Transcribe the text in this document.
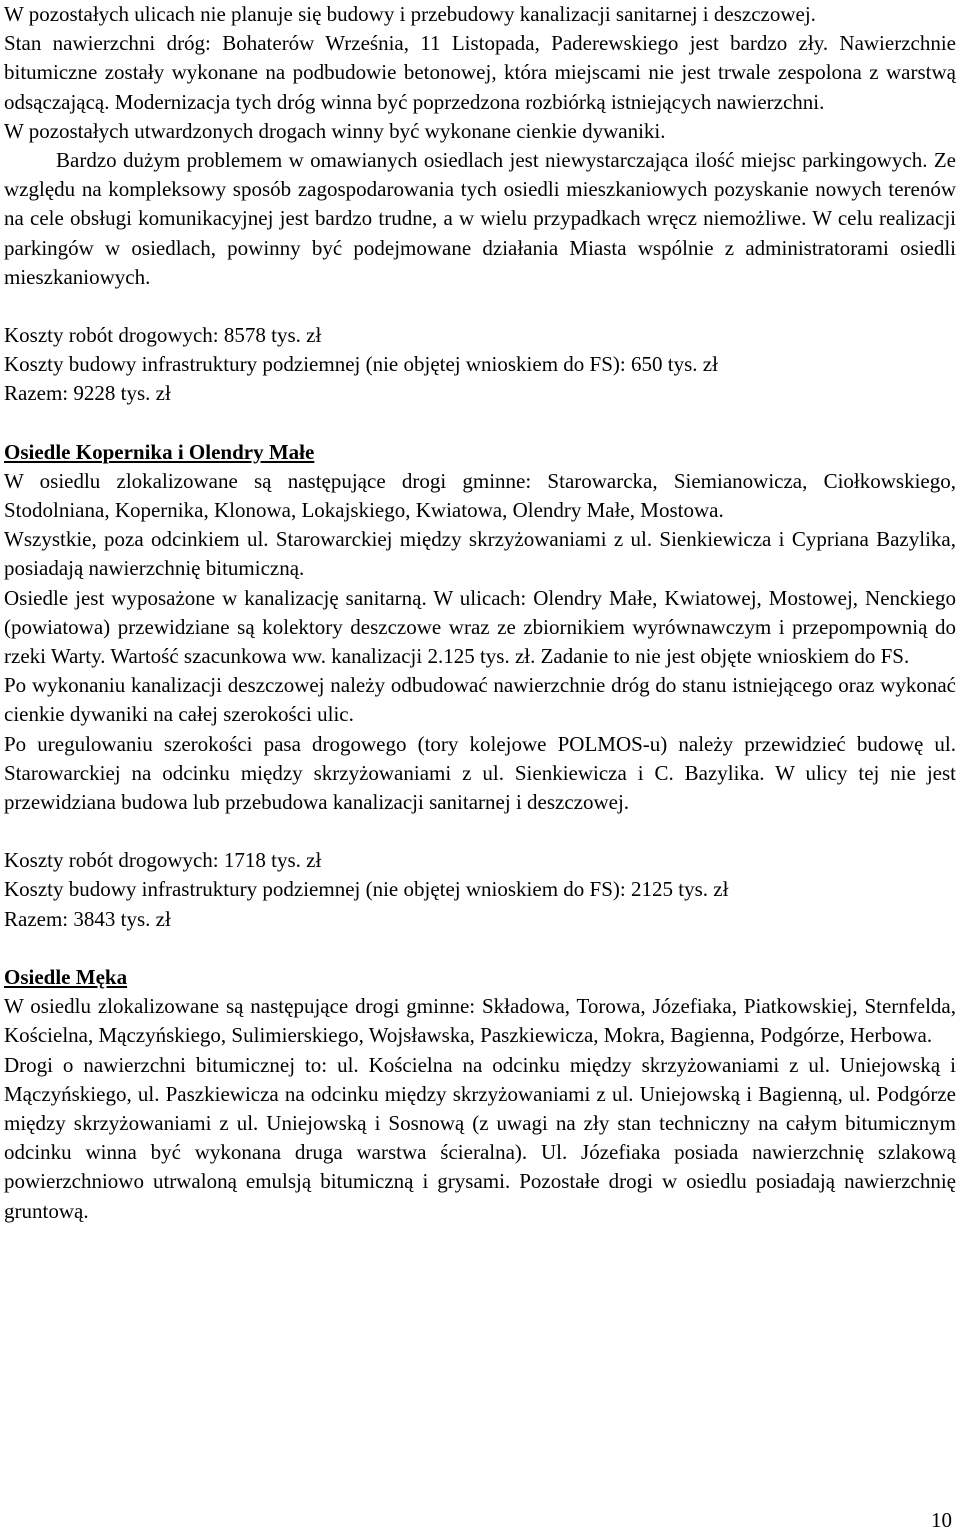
W pozostałych ulicach nie planuje się budowy i przebudowy kanalizacji sanitarnej i deszczowej.

Stan nawierzchni dróg: Bohaterów Września, 11 Listopada, Paderewskiego jest bardzo zły. Nawierzchnie bitumiczne zostały wykonane na podbudowie betonowej, która miejscami nie jest trwale zespolona z warstwą odsączającą. Modernizacja tych dróg winna być poprzedzona rozbiórką istniejących nawierzchni.

W pozostałych utwardzonych drogach winny być wykonane cienkie dywaniki.

Bardzo dużym problemem w omawianych osiedlach jest niewystarczająca ilość miejsc parkingowych. Ze względu na kompleksowy sposób zagospodarowania tych osiedli mieszkaniowych pozyskanie nowych terenów na cele obsługi komunikacyjnej jest bardzo trudne, a w wielu przypadkach wręcz niemożliwe. W celu realizacji parkingów w osiedlach, powinny być podejmowane działania Miasta wspólnie z administratorami osiedli mieszkaniowych.

Koszty robót drogowych: 8578 tys. zł

Koszty budowy infrastruktury podziemnej (nie objętej wnioskiem do FS): 650 tys. zł

Razem: 9228 tys. zł

Osiedle Kopernika i Olendry Małe

W osiedlu zlokalizowane są następujące drogi gminne: Starowarcka, Siemianowicza, Ciołkowskiego, Stodolniana, Kopernika, Klonowa, Lokajskiego, Kwiatowa, Olendry Małe, Mostowa.

Wszystkie, poza odcinkiem ul. Starowarckiej między skrzyżowaniami z ul. Sienkiewicza i Cypriana Bazylika, posiadają nawierzchnię bitumiczną.

Osiedle jest wyposażone w kanalizację sanitarną. W ulicach: Olendry Małe, Kwiatowej, Mostowej, Nenckiego (powiatowa) przewidziane są kolektory deszczowe wraz ze zbiornikiem wyrównawczym i przepompownią do rzeki Warty. Wartość szacunkowa ww. kanalizacji 2.125 tys. zł. Zadanie to nie jest objęte wnioskiem do FS.

Po wykonaniu kanalizacji deszczowej należy odbudować nawierzchnie dróg do stanu istniejącego oraz wykonać cienkie dywaniki na całej szerokości ulic.

Po uregulowaniu szerokości pasa drogowego (tory kolejowe POLMOS-u) należy przewidzieć budowę ul. Starowarckiej na odcinku między skrzyżowaniami z ul. Sienkiewicza i C. Bazylika. W ulicy tej nie jest przewidziana budowa lub przebudowa kanalizacji sanitarnej i deszczowej.

Koszty robót drogowych: 1718 tys. zł

Koszty budowy infrastruktury podziemnej (nie objętej wnioskiem do FS): 2125 tys. zł

Razem: 3843 tys. zł

Osiedle Męka

W osiedlu zlokalizowane są następujące drogi gminne: Składowa, Torowa, Józefiaka, Piatkowskiej, Sternfelda, Kościelna, Mączyńskiego, Sulimierskiego, Wojsławska, Paszkiewicza, Mokra, Bagienna, Podgórze, Herbowa.

Drogi o nawierzchni bitumicznej to: ul. Kościelna na odcinku między skrzyżowaniami z ul. Uniejowską i Mączyńskiego, ul. Paszkiewicza na odcinku między skrzyżowaniami z ul. Uniejowską i Bagienną, ul. Podgórze między skrzyżowaniami z ul. Uniejowską i Sosnową (z uwagi na zły stan techniczny na całym bitumicznym odcinku winna być wykonana druga warstwa ścieralna). Ul. Józefiaka posiada nawierzchnię szlakową powierzchniowo utrwaloną emulsją bitumiczną i grysami. Pozostałe drogi w osiedlu posiadają nawierzchnię gruntową.

10
